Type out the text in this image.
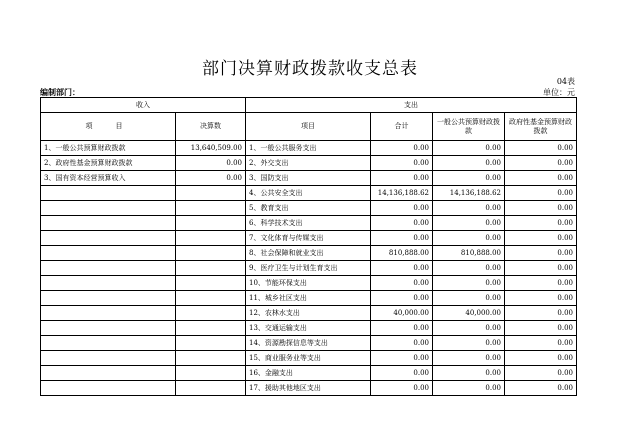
部门决算财政拨款收支总表
04表
编制部门：	单位：元
收入		支出			
项　目	决算数	项目	合计	一般公共预算财政拨款	政府性基金预算财政拨款
1、一般公共预算财政拨款	13,640,509.00	1、一般公共服务支出	0.00	0.00	0.00
2、政府性基金预算财政拨款	0.00	2、外交支出	0.00	0.00	0.00
3、国有资本经营预算收入	0.00	3、国防支出	0.00	0.00	0.00
		4、公共安全支出	14,136,188.62	14,136,188.62	0.00
		5、教育支出	0.00	0.00	0.00
		6、科学技术支出	0.00	0.00	0.00
		7、文化体育与传媒支出	0.00	0.00	0.00
		8、社会保障和就业支出	810,888.00	810,888.00	0.00
		9、医疗卫生与计划生育支出	0.00	0.00	0.00
		10、节能环保支出	0.00	0.00	0.00
		11、城乡社区支出	0.00	0.00	0.00
		12、农林水支出	40,000.00	40,000.00	0.00
		13、交通运输支出	0.00	0.00	0.00
		14、资源勘探信息等支出	0.00	0.00	0.00
		15、商业服务业等支出	0.00	0.00	0.00
		16、金融支出	0.00	0.00	0.00
		17、援助其他地区支出	0.00	0.00	0.00
